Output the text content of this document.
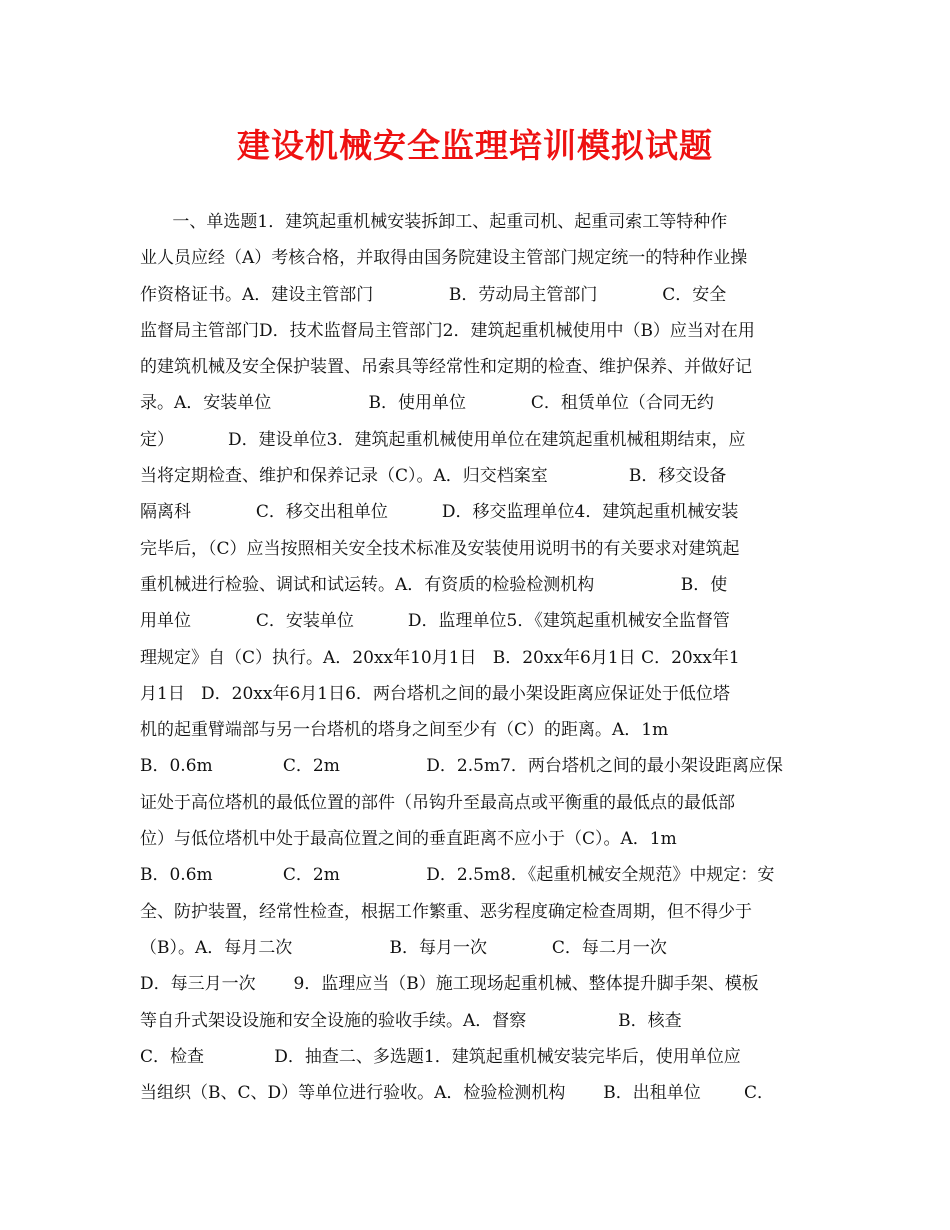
建设机械安全监理培训模拟试题
一、单选题1．建筑起重机械安装拆卸工、起重司机、起重司索工等特种作
业人员应经（A）考核合格，并取得由国务院建设主管部门规定统一的特种作业操
作资格证书。A．建设主管部门              B．劳动局主管部门            C．安全
监督局主管部门D．技术监督局主管部门2．建筑起重机械使用中（B）应当对在用
的建筑机械及安全保护装置、吊索具等经常性和定期的检查、维护保养、并做好记
录。A．安装单位                  B．使用单位            C．租赁单位（合同无约
定）          D．建设单位3．建筑起重机械使用单位在建筑起重机械租期结束，应
当将定期检查、维护和保养记录（C）。A．归交档案室               B．移交设备
隔离科            C．移交出租单位          D．移交监理单位4．建筑起重机械安装
完毕后，（C）应当按照相关安全技术标准及安装使用说明书的有关要求对建筑起
重机械进行检验、调试和试运转。A．有资质的检验检测机构                B．使
用单位            C．安装单位          D．监理单位5．《建筑起重机械安全监督管
理规定》自（C）执行。A．20xx年10月1日   B．20xx年6月1日 C．20xx年1
月1日   D．20xx年6月1日6．两台塔机之间的最小架设距离应保证处于低位塔
机的起重臂端部与另一台塔机的塔身之间至少有（C）的距离。A．1m
B．0.6m             C．2m                D．2.5m7．两台塔机之间的最小架设距离应保
证处于高位塔机的最低位置的部件（吊钩升至最高点或平衡重的最低点的最低部
位）与低位塔机中处于最高位置之间的垂直距离不应小于（C）。A．1m
B．0.6m             C．2m                D．2.5m8．《起重机械安全规范》中规定：安
全、防护装置，经常性检查，根据工作繁重、恶劣程度确定检查周期，但不得少于
（B）。A．每月二次                  B．每月一次            C．每二月一次
D．每三月一次       9．监理应当（B）施工现场起重机械、整体提升脚手架、模板
等自升式架设设施和安全设施的验收手续。A．督察                 B．核查
C．检查             D．抽查二、多选题1．建筑起重机械安装完毕后，使用单位应
当组织（B、C、D）等单位进行验收。A．检验检测机构       B．出租单位        C．
